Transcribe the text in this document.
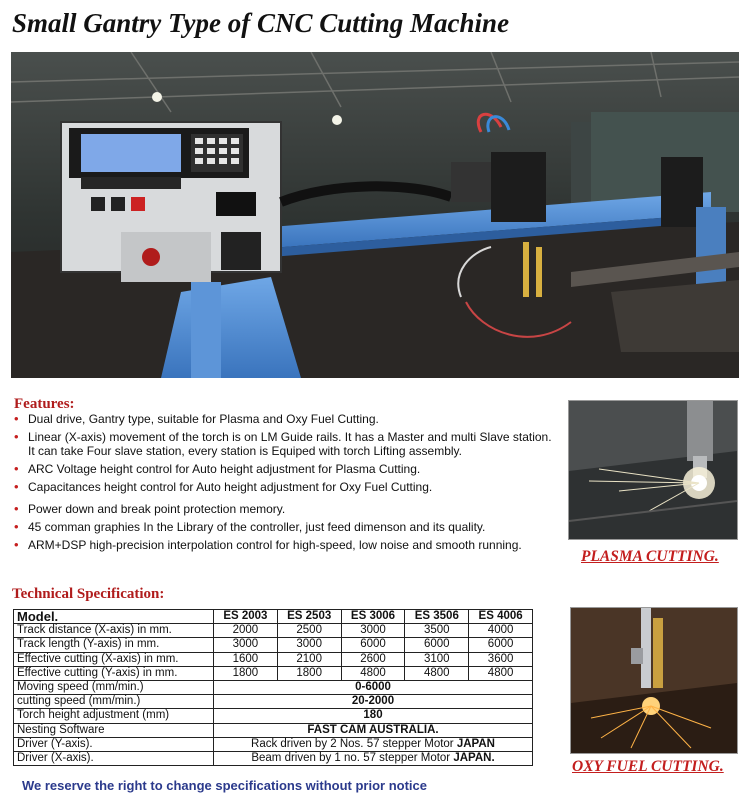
Small Gantry Type of CNC Cutting Machine
Features:
• Dual drive, Gantry type, suitable for Plasma and Oxy Fuel Cutting.
• Linear (X-axis) movement of the torch is on LM Guide rails. It has a Master and multi Slave station. It can take Four slave station, every station is Equiped with torch Lifting assembly.
• ARC Voltage height control for Auto height adjustment for Plasma Cutting.
• Capacitances height control for Auto height adjustment for Oxy Fuel Cutting.
• Power down and break point protection memory.
• 45 comman graphies In the Library of the controller, just feed dimenson and its quality.
• ARM+DSP high-precision interpolation control for high-speed, low noise and smooth running.
Technical Specification:
Model.	ES 2003	ES 2503	ES 3006	ES 3506	ES 4006
Track distance (X-axis) in mm.	2000	2500	3000	3500	4000
Track length (Y-axis) in mm.	3000	3000	6000	6000	6000
Effective cutting (X-axis) in mm.	1600	2100	2600	3100	3600
Effective cutting (Y-axis) in mm.	1800	1800	4800	4800	4800
Moving speed (mm/min.)	0-6000				
cutting speed (mm/min.)	20-2000				
Torch height adjustment (mm)	180				
Nesting Software	FAST CAM AUSTRALIA.				
Driver (Y-axis).	Rack driven by 2 Nos. 57 stepper Motor JAPAN				
Driver (X-axis).	Beam driven by 1 no. 57 stepper Motor JAPAN.				
We reserve the right to change specifications without prior notice
PLASMA CUTTING.
OXY FUEL CUTTING.
